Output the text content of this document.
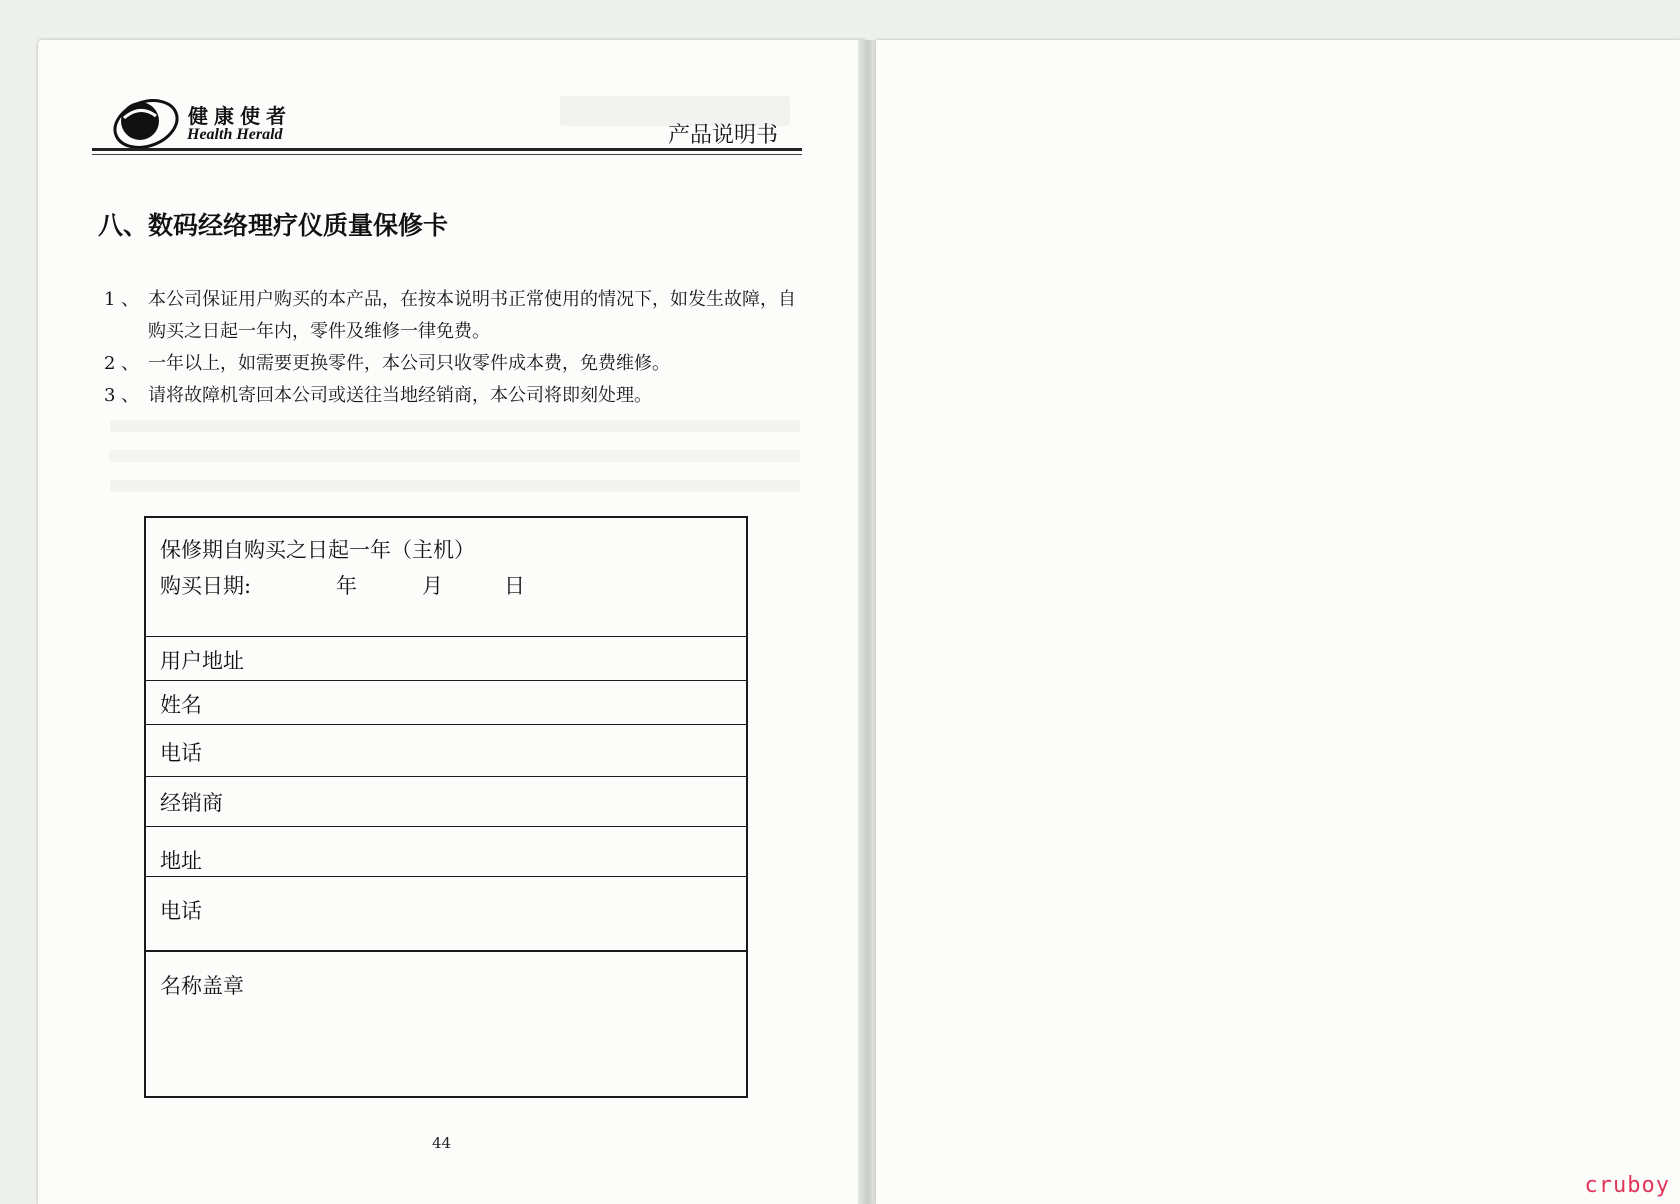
健康使者
Health Herald	产品说明书
八、数码经络理疗仪质量保修卡
1 、 本公司保证用户购买的本产品，在按本说明书正常使用的情况下，如发生故障，自购买之日起一年内，零件及维修一律免费。
2 、 一年以上，如需要更换零件，本公司只收零件成本费，免费维修。
3 、 请将故障机寄回本公司或送往当地经销商，本公司将即刻处理。
保修期自购买之日起一年（主机）
购买日期:	年	月	日
用户地址
姓名
电话
经销商
地址
电话
名称盖章
44
cruboy
